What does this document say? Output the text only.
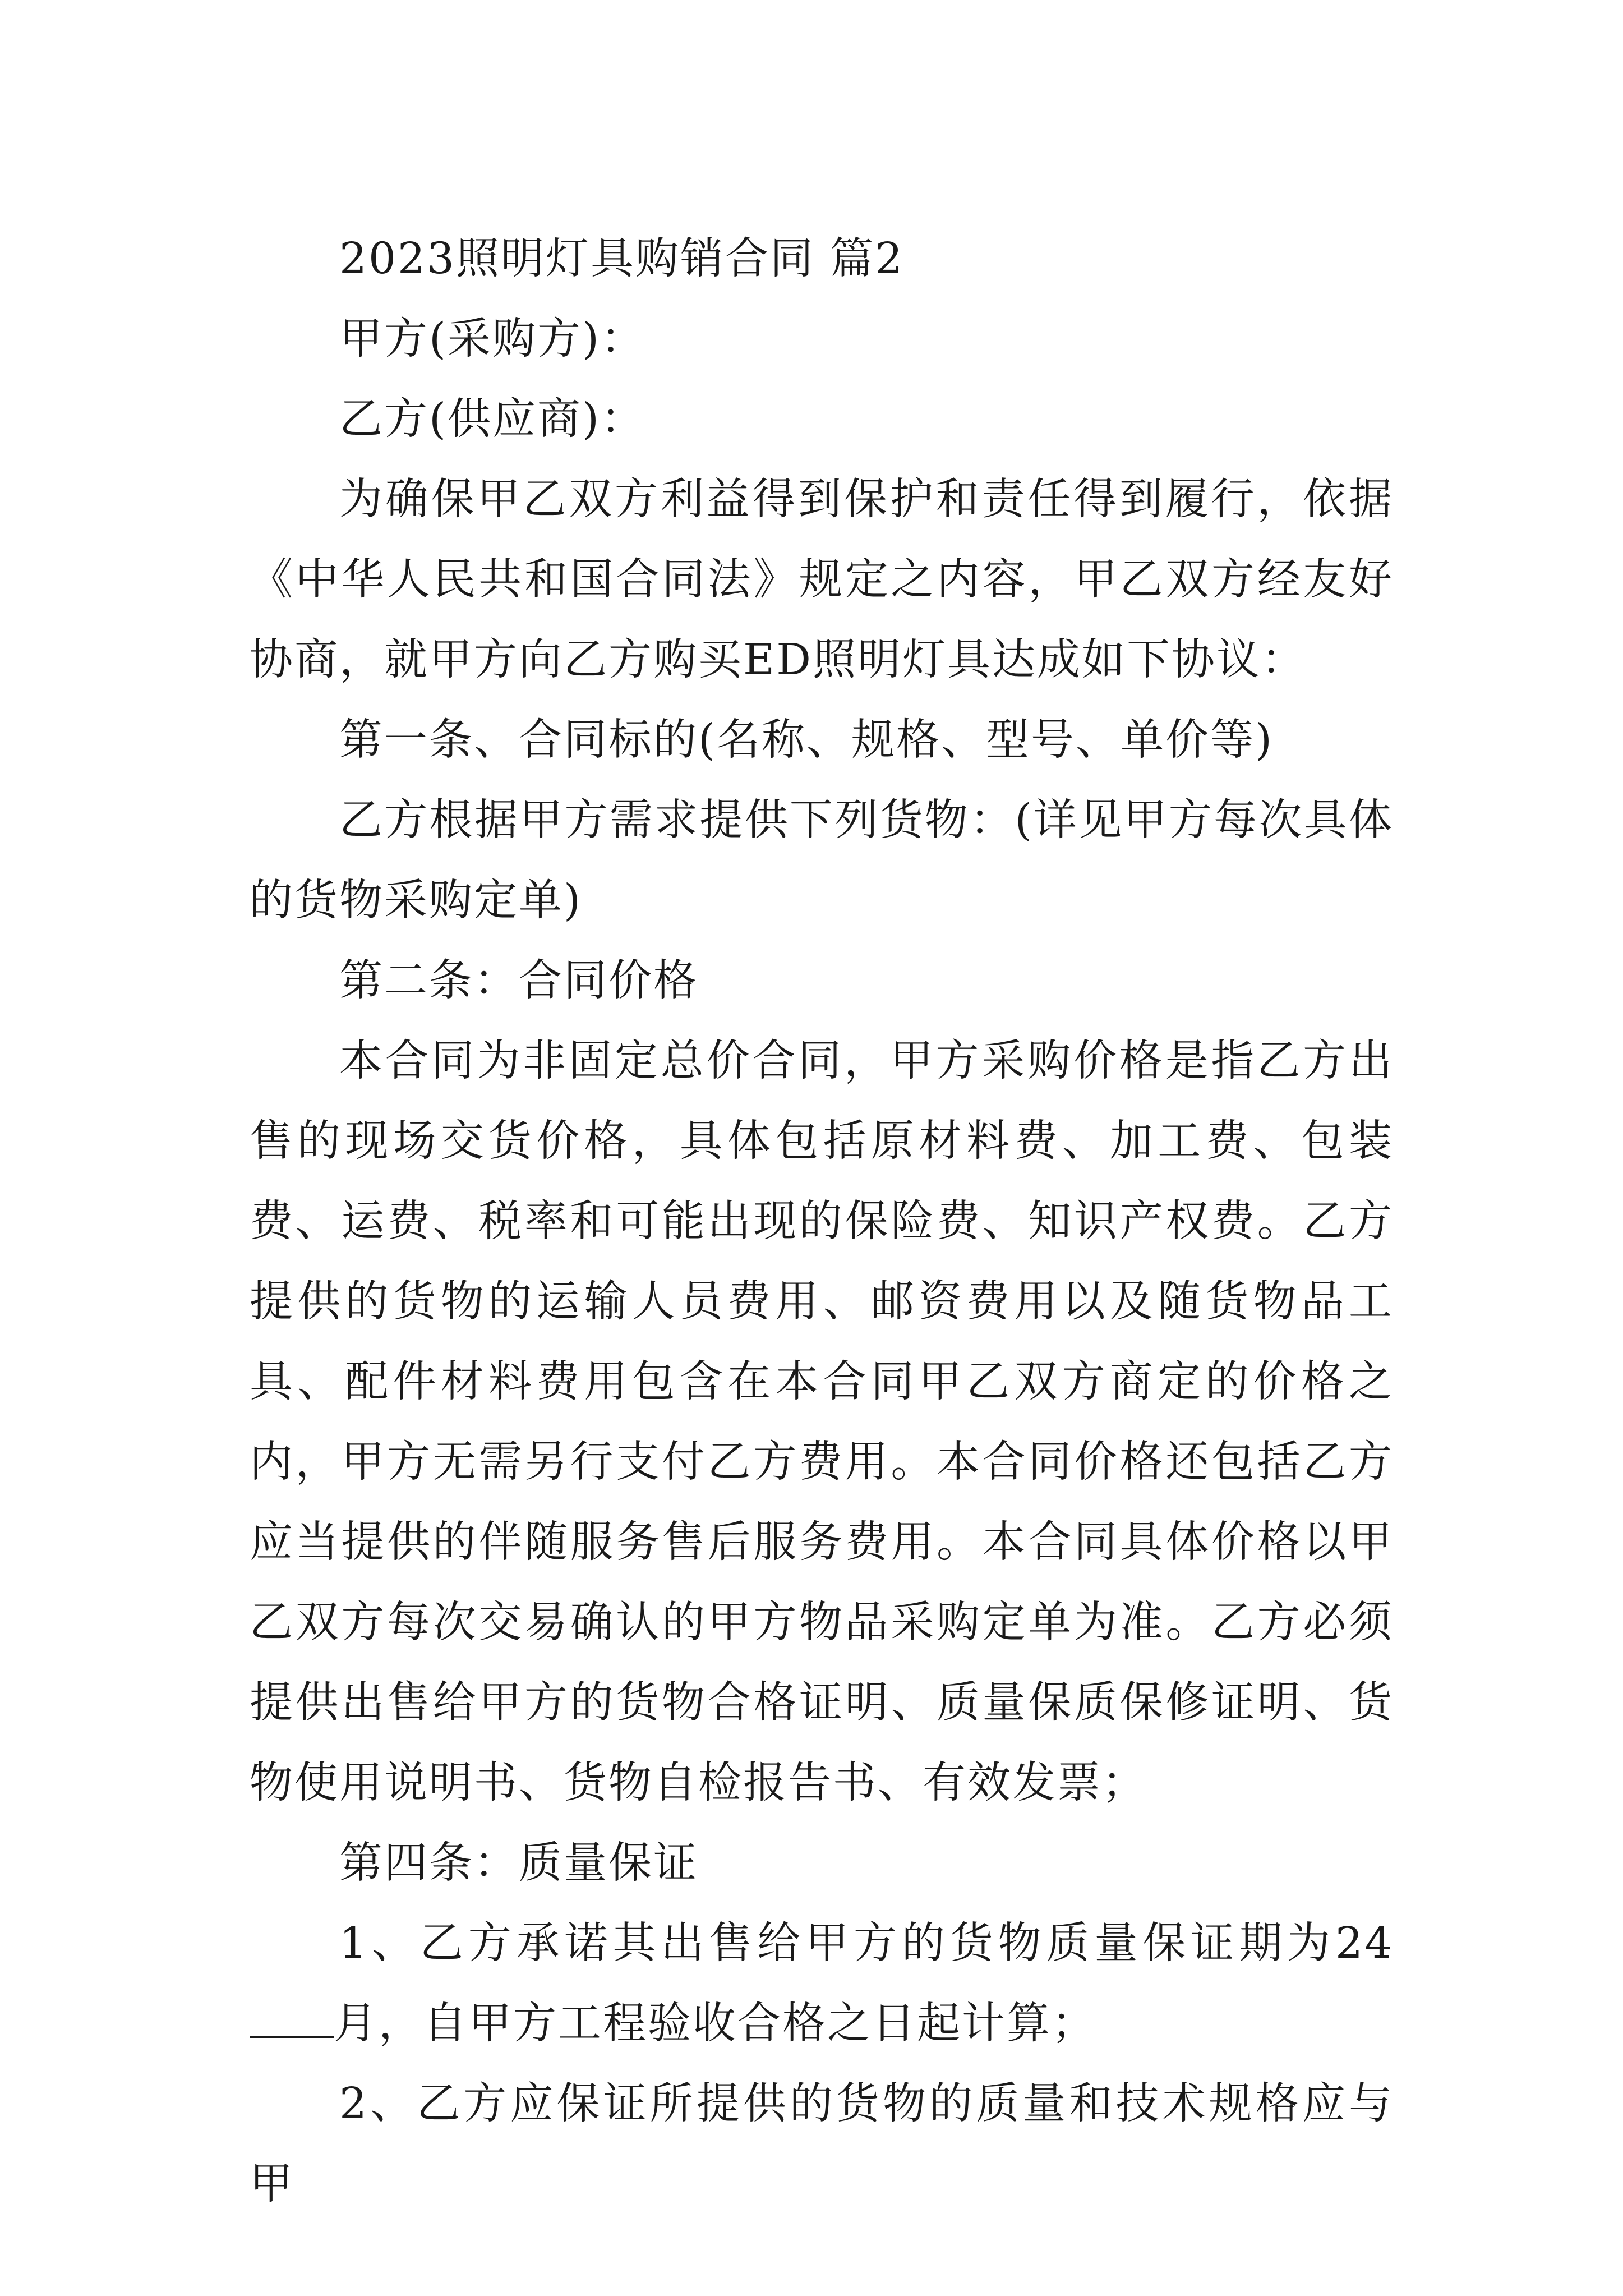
2023照明灯具购销合同 篇2

甲方(采购方)：

乙方(供应商)：

为确保甲乙双方利益得到保护和责任得到履行，依据《中华人民共和国合同法》规定之内容，甲乙双方经友好协商，就甲方向乙方购买ED照明灯具达成如下协议：

第一条、合同标的(名称、规格、型号、单价等)

乙方根据甲方需求提供下列货物：(详见甲方每次具体的货物采购定单)

第二条：合同价格

本合同为非固定总价合同，甲方采购价格是指乙方出售的现场交货价格，具体包括原材料费、加工费、包装费、运费、税率和可能出现的保险费、知识产权费。乙方提供的货物的运输人员费用、邮资费用以及随货物品工具、配件材料费用包含在本合同甲乙双方商定的价格之内，甲方无需另行支付乙方费用。本合同价格还包括乙方应当提供的伴随服务售后服务费用。本合同具体价格以甲乙双方每次交易确认的甲方物品采购定单为准。乙方必须提供出售给甲方的货物合格证明、质量保质保修证明、货物使用说明书、货物自检报告书、有效发票；

第四条：质量保证

1、乙方承诺其出售给甲方的货物质量保证期为24月，自甲方工程验收合格之日起计算；

2、乙方应保证所提供的货物的质量和技术规格应与甲
